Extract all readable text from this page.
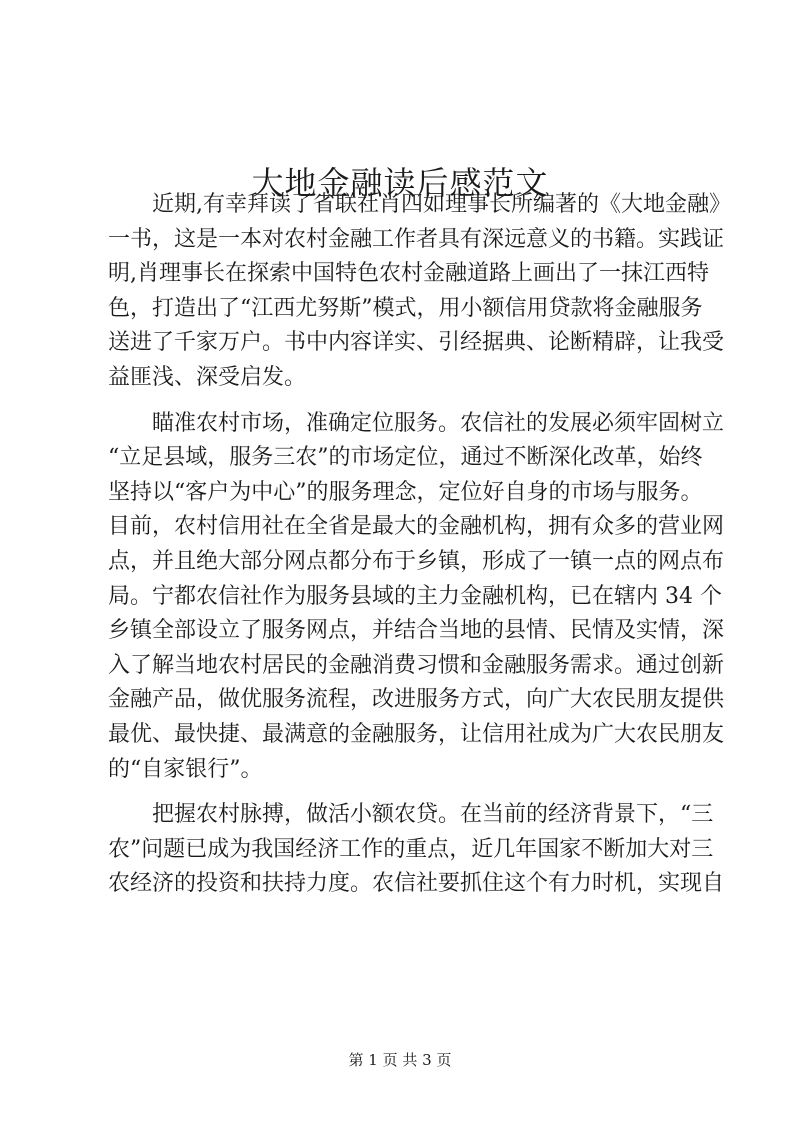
大地金融读后感范文
近期,有幸拜读了省联社肖四如理事长所编著的《大地金融》
一书，这是一本对农村金融工作者具有深远意义的书籍。实践证
明,肖理事长在探索中国特色农村金融道路上画出了一抹江西特
色，打造出了“江西尤努斯”模式，用小额信用贷款将金融服务
送进了千家万户。书中内容详实、引经据典、论断精辟，让我受
益匪浅、深受启发。
瞄准农村市场，准确定位服务。农信社的发展必须牢固树立
“立足县域，服务三农”的市场定位，通过不断深化改革，始终
坚持以“客户为中心”的服务理念，定位好自身的市场与服务。
目前，农村信用社在全省是最大的金融机构，拥有众多的营业网
点，并且绝大部分网点都分布于乡镇，形成了一镇一点的网点布
局。宁都农信社作为服务县域的主力金融机构，已在辖内 34 个
乡镇全部设立了服务网点，并结合当地的县情、民情及实情，深
入了解当地农村居民的金融消费习惯和金融服务需求。通过创新
金融产品，做优服务流程，改进服务方式，向广大农民朋友提供
最优、最快捷、最满意的金融服务，让信用社成为广大农民朋友
的“自家银行”。
把握农村脉搏，做活小额农贷。在当前的经济背景下，“三
农”问题已成为我国经济工作的重点，近几年国家不断加大对三
农经济的投资和扶持力度。农信社要抓住这个有力时机，实现自
第 1 页 共 3 页
